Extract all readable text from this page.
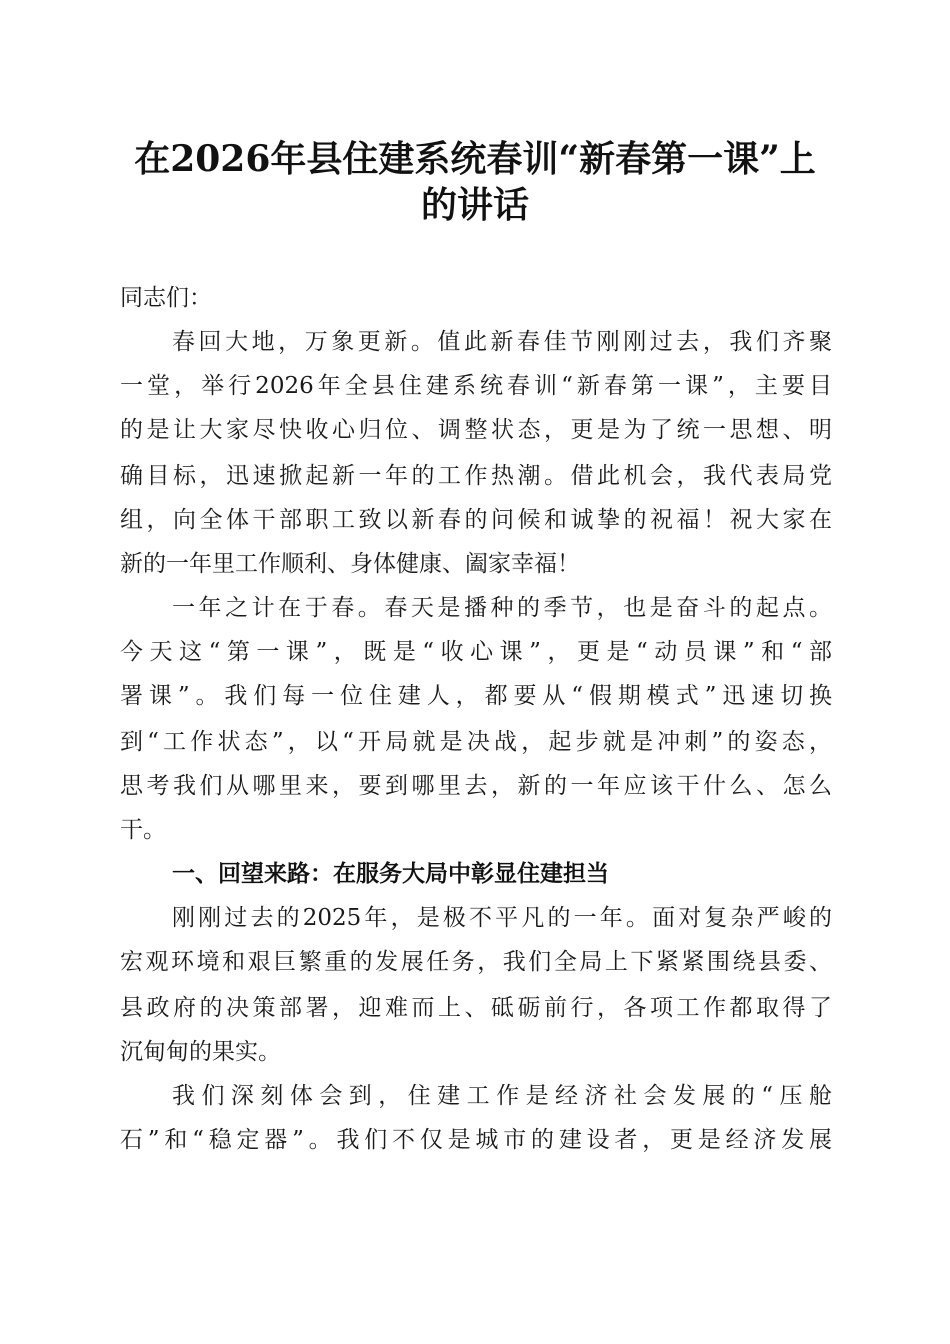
在2026年县住建系统春训“新春第一课”上
的讲话

同志们：

春回大地，万象更新。值此新春佳节刚刚过去，我们齐聚

一堂，举行2026年全县住建系统春训“新春第一课”，主要目

的是让大家尽快收心归位、调整状态，更是为了统一思想、明

确目标，迅速掀起新一年的工作热潮。借此机会，我代表局党

组，向全体干部职工致以新春的问候和诚挚的祝福！祝大家在

新的一年里工作顺利、身体健康、阖家幸福！

一年之计在于春。春天是播种的季节，也是奋斗的起点。

今天这“第一课”，既是“收心课”，更是“动员课”和“部

署课”。我们每一位住建人，都要从“假期模式”迅速切换

到“工作状态”，以“开局就是决战，起步就是冲刺”的姿态，

思考我们从哪里来，要到哪里去，新的一年应该干什么、怎么

干。

一、回望来路：在服务大局中彰显住建担当

刚刚过去的2025年，是极不平凡的一年。面对复杂严峻的

宏观环境和艰巨繁重的发展任务，我们全局上下紧紧围绕县委、

县政府的决策部署，迎难而上、砥砺前行，各项工作都取得了

沉甸甸的果实。

我们深刻体会到，住建工作是经济社会发展的“压舱

石”和“稳定器”。我们不仅是城市的建设者，更是经济发展
